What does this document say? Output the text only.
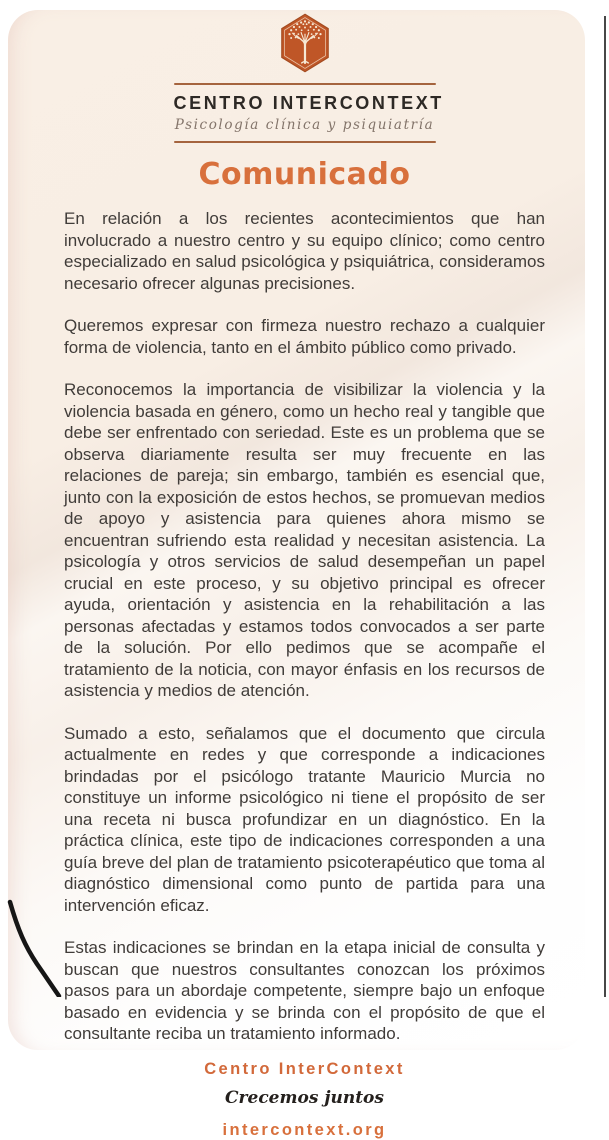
CENTRO INTERCONTEXT
Psicología clínica y psiquiatría
Comunicado

En relación a los recientes acontecimientos que han involucrado a nuestro centro y su equipo clínico; como centro especializado en salud psicológica y psiquiátrica, consideramos necesario ofrecer algunas precisiones.

Queremos expresar con firmeza nuestro rechazo a cualquier forma de violencia, tanto en el ámbito público como privado.

Reconocemos la importancia de visibilizar la violencia y la violencia basada en género, como un hecho real y tangible que debe ser enfrentado con seriedad. Este es un problema que se observa diariamente resulta ser muy frecuente en las relaciones de pareja; sin embargo, también es esencial que, junto con la exposición de estos hechos, se promuevan medios de apoyo y asistencia para quienes ahora mismo se encuentran sufriendo esta realidad y necesitan asistencia. La psicología y otros servicios de salud desempeñan un papel crucial en este proceso, y su objetivo principal es ofrecer ayuda, orientación y asistencia en la rehabilitación a las personas afectadas y estamos todos convocados a ser parte de la solución. Por ello pedimos que se acompañe el tratamiento de la noticia, con mayor énfasis en los recursos de asistencia y medios de atención.

Sumado a esto, señalamos que el documento que circula actualmente en redes y que corresponde a indicaciones brindadas por el psicólogo tratante Mauricio Murcia no constituye un informe psicológico ni tiene el propósito de ser una receta ni busca profundizar en un diagnóstico. En la práctica clínica, este tipo de indicaciones corresponden a una guía breve del plan de tratamiento psicoterapéutico que toma al diagnóstico dimensional como punto de partida para una intervención eficaz.

Estas indicaciones se brindan en la etapa inicial de consulta y buscan que nuestros consultantes conozcan los próximos pasos para un abordaje competente, siempre bajo un enfoque basado en evidencia y se brinda con el propósito de que el consultante reciba un tratamiento informado.

Centro InterContext
Crecemos juntos
intercontext.org
